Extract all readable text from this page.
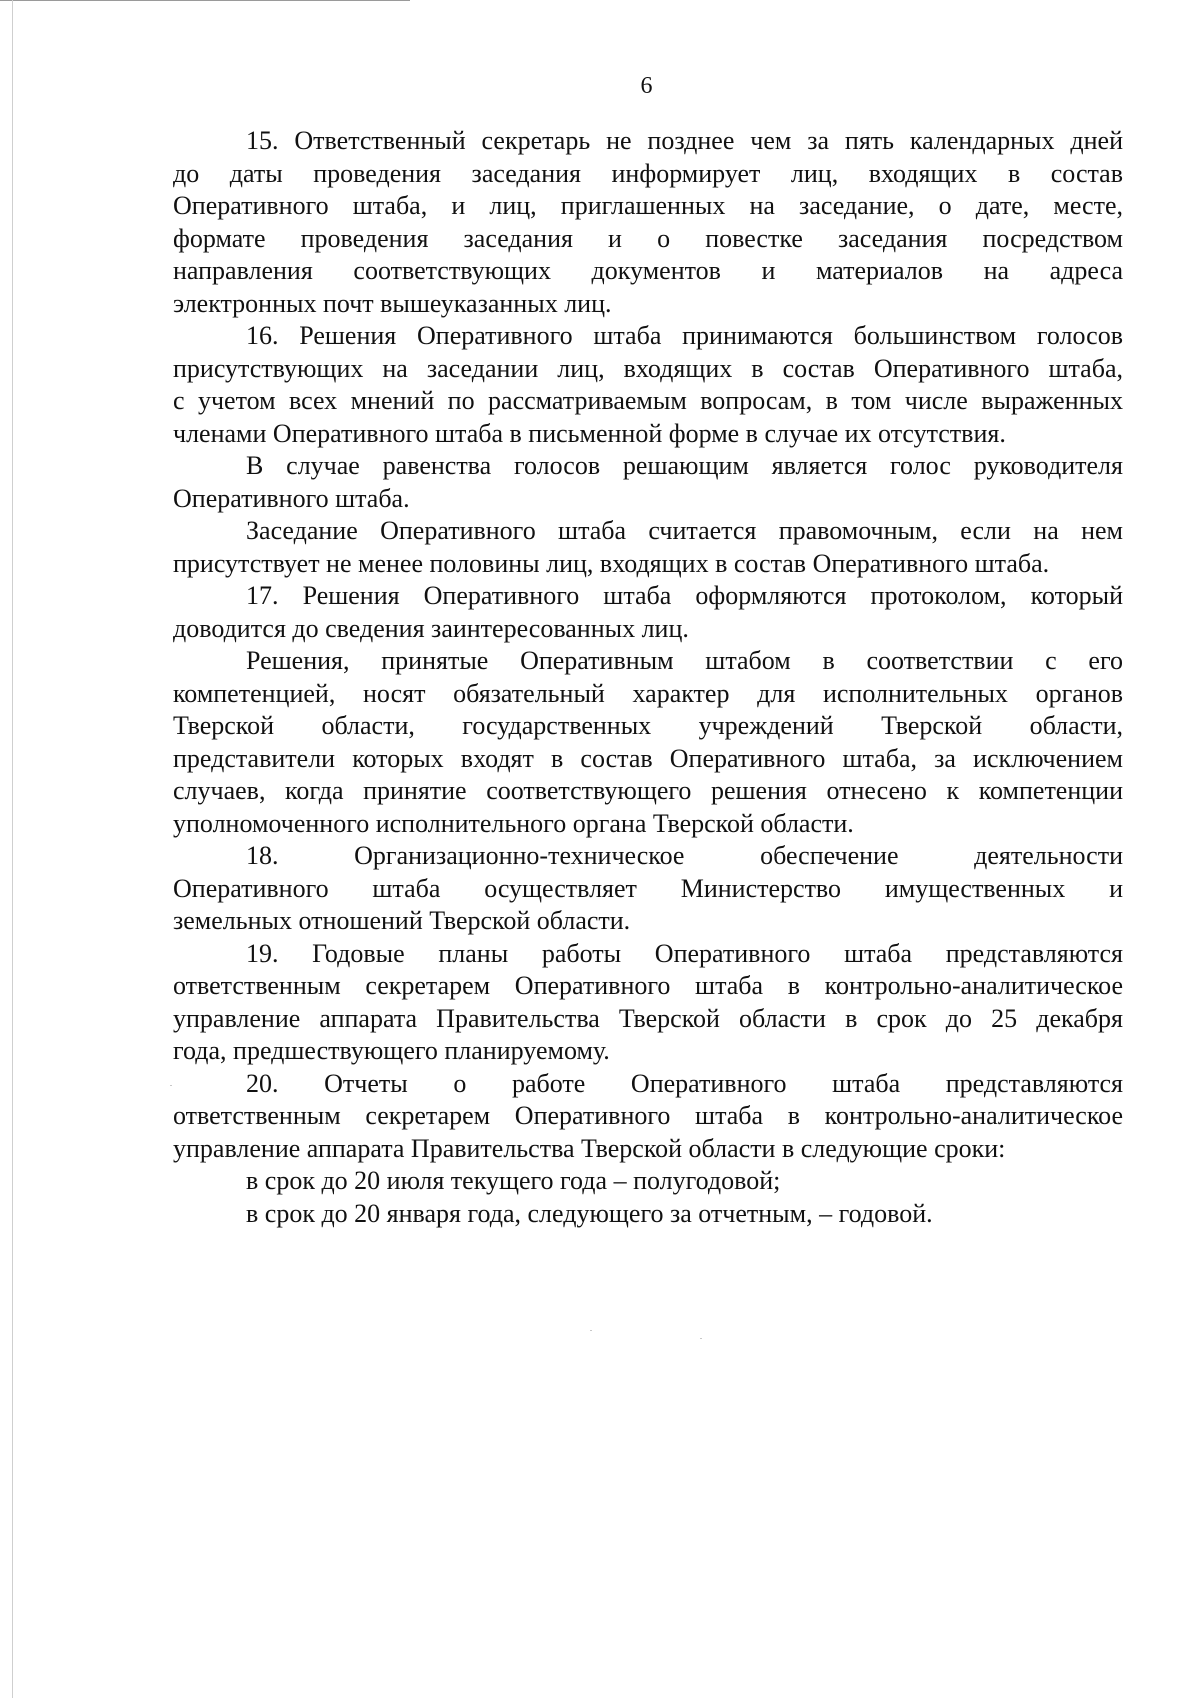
6
15. Ответственный секретарь не позднее чем за пять календарных дней
до даты проведения заседания информирует лиц, входящих в состав
Оперативного штаба, и лиц, приглашенных на заседание, о дате, месте,
формате проведения заседания и о повестке заседания посредством
направления соответствующих документов и материалов на адреса
электронных почт вышеуказанных лиц.
16. Решения Оперативного штаба принимаются большинством голосов
присутствующих на заседании лиц, входящих в состав Оперативного штаба,
с учетом всех мнений по рассматриваемым вопросам, в том числе выраженных
членами Оперативного штаба в письменной форме в случае их отсутствия.
В случае равенства голосов решающим является голос руководителя
Оперативного штаба.
Заседание Оперативного штаба считается правомочным, если на нем
присутствует не менее половины лиц, входящих в состав Оперативного штаба.
17. Решения Оперативного штаба оформляются протоколом, который
доводится до сведения заинтересованных лиц.
Решения, принятые Оперативным штабом в соответствии с его
компетенцией, носят обязательный характер для исполнительных органов
Тверской области, государственных учреждений Тверской области,
представители которых входят в состав Оперативного штаба, за исключением
случаев, когда принятие соответствующего решения отнесено к компетенции
уполномоченного исполнительного органа Тверской области.
18. Организационно-техническое обеспечение деятельности
Оперативного штаба осуществляет Министерство имущественных и
земельных отношений Тверской области.
19. Годовые планы работы Оперативного штаба представляются
ответственным секретарем Оперативного штаба в контрольно-аналитическое
управление аппарата Правительства Тверской области в срок до 25 декабря
года, предшествующего планируемому.
20. Отчеты о работе Оперативного штаба представляются
ответственным секретарем Оперативного штаба в контрольно-аналитическое
управление аппарата Правительства Тверской области в следующие сроки:
в срок до 20 июля текущего года – полугодовой;
в срок до 20 января года, следующего за отчетным, – годовой.
